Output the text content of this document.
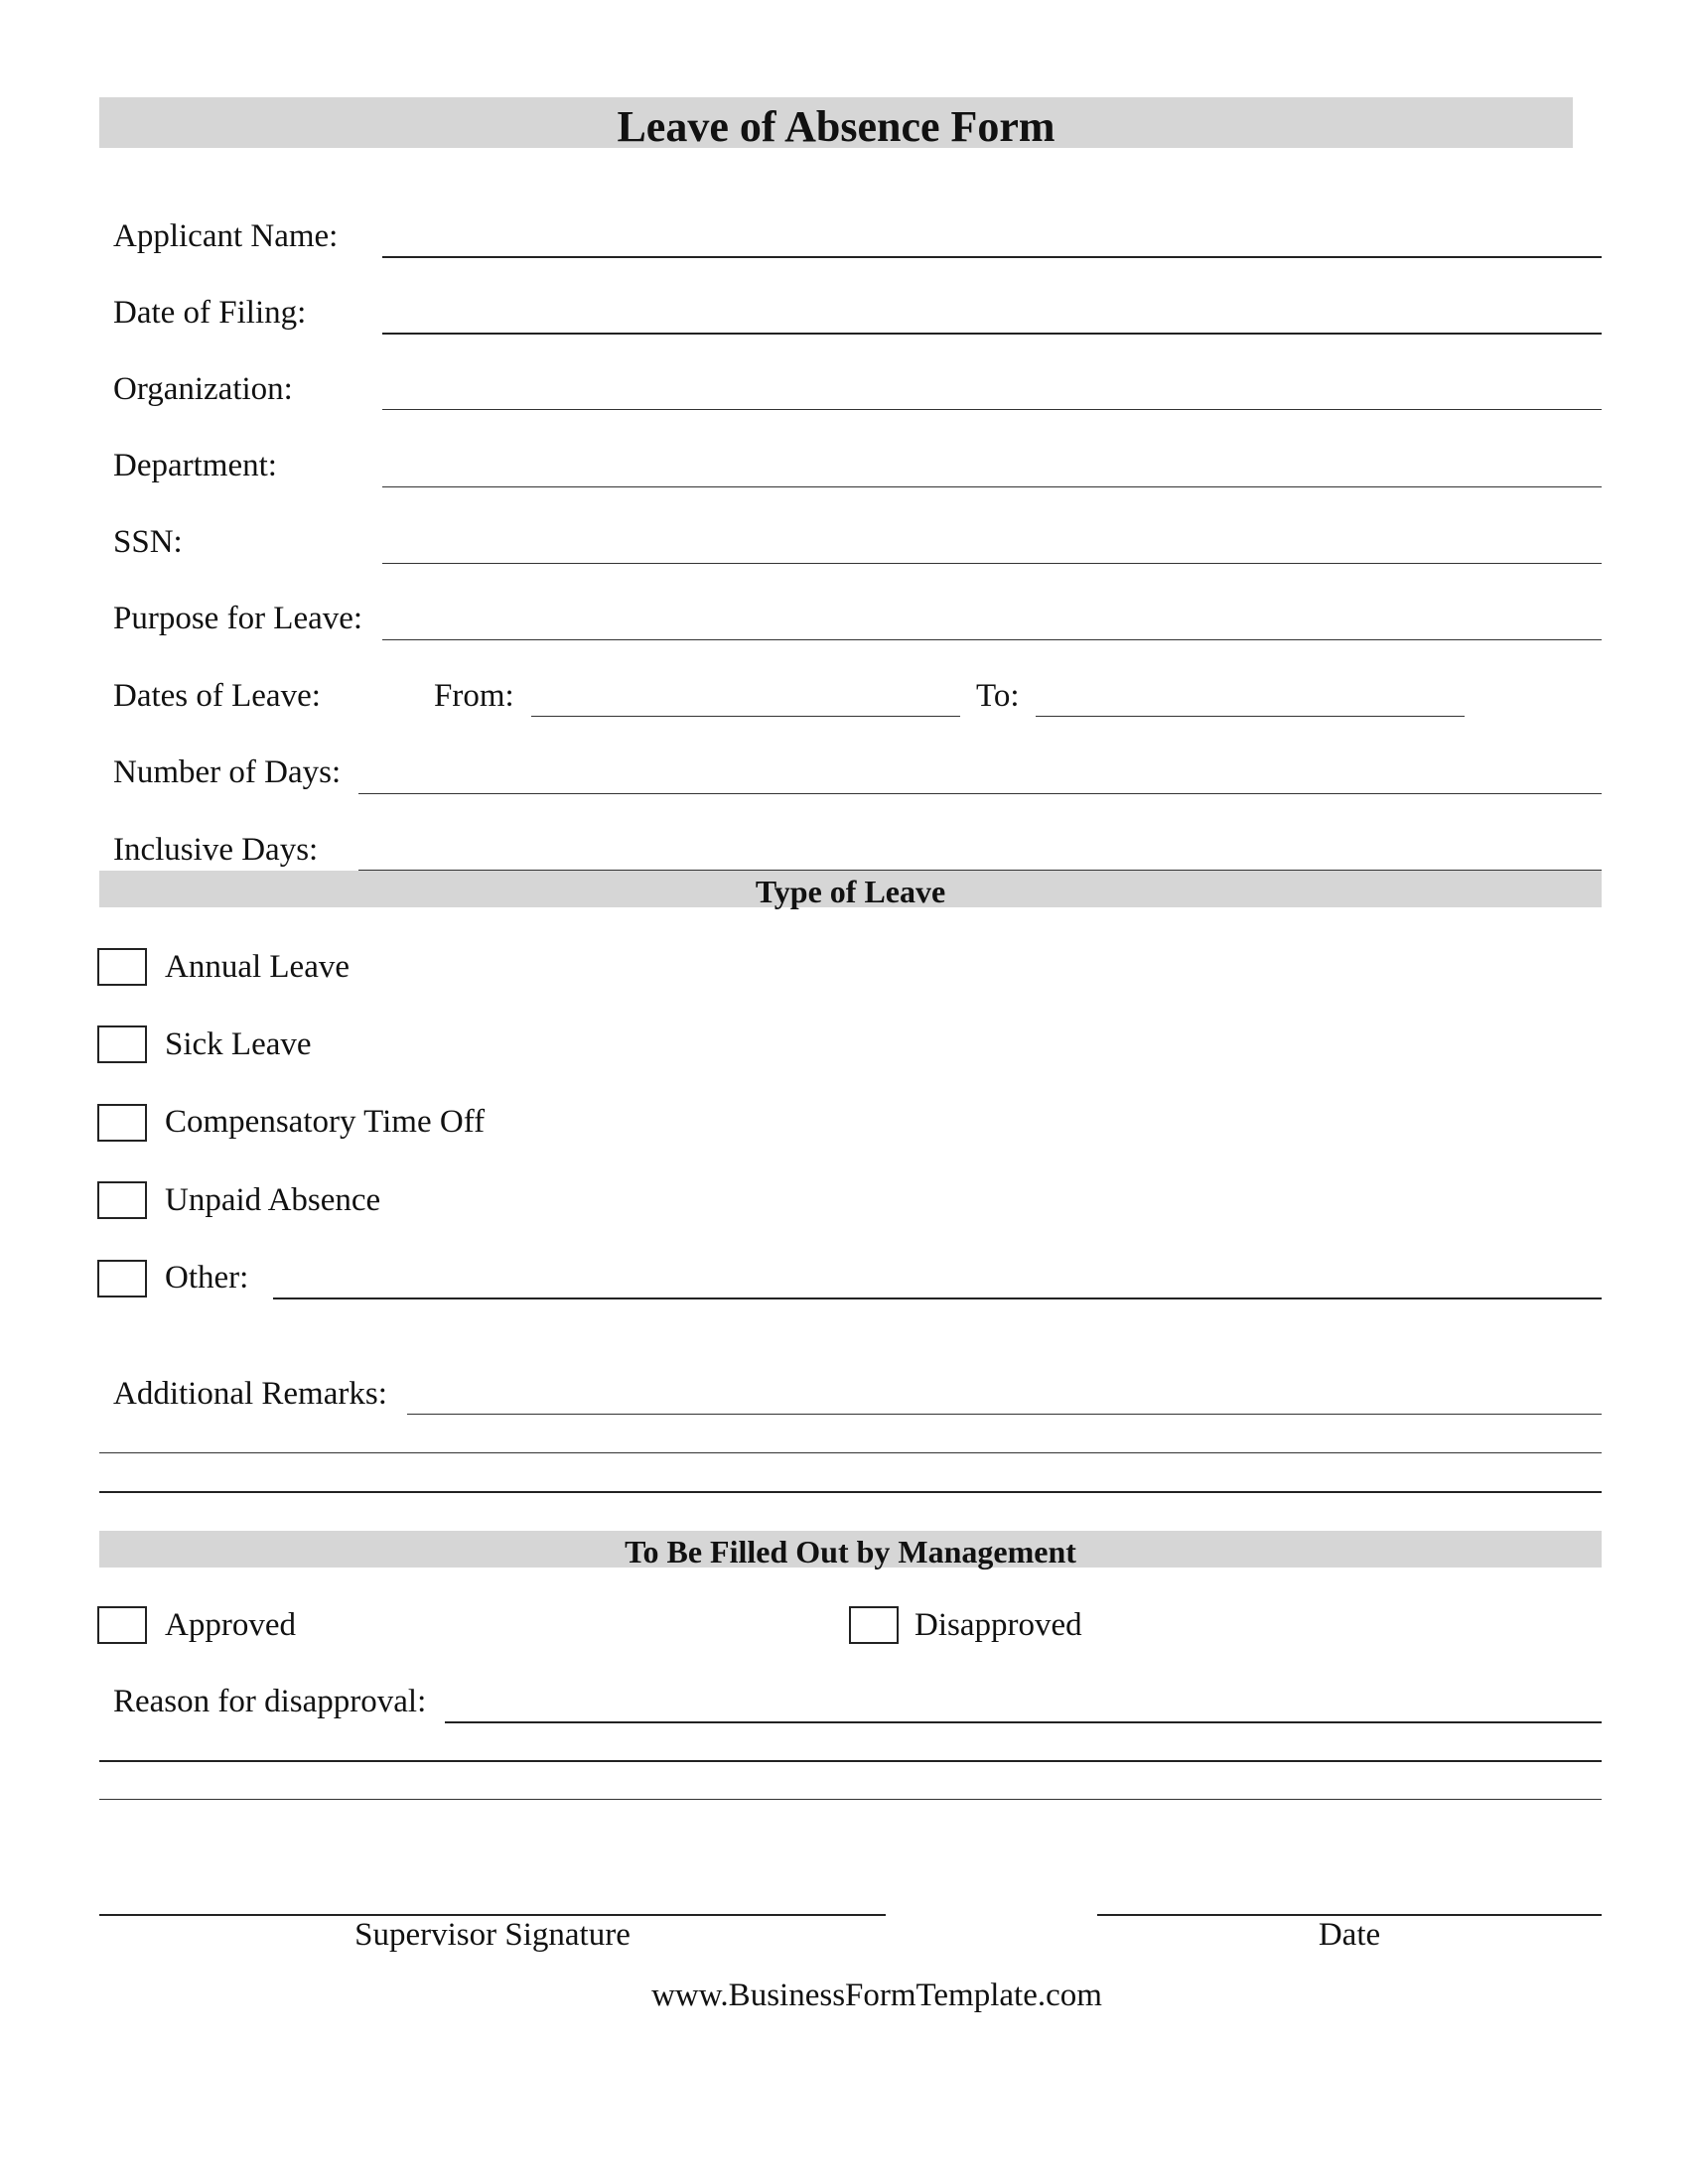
Leave of Absence Form
Applicant Name:
Date of Filing:
Organization:
Department:
SSN:
Purpose for Leave:
Dates of Leave:	From:	To:
Number of Days:
Inclusive Days:
Type of Leave
Annual Leave
Sick Leave
Compensatory Time Off
Unpaid Absence
Other:
Additional Remarks:
To Be Filled Out by Management
Approved	Disapproved
Reason for disapproval:
Supervisor Signature	Date
www.BusinessFormTemplate.com
